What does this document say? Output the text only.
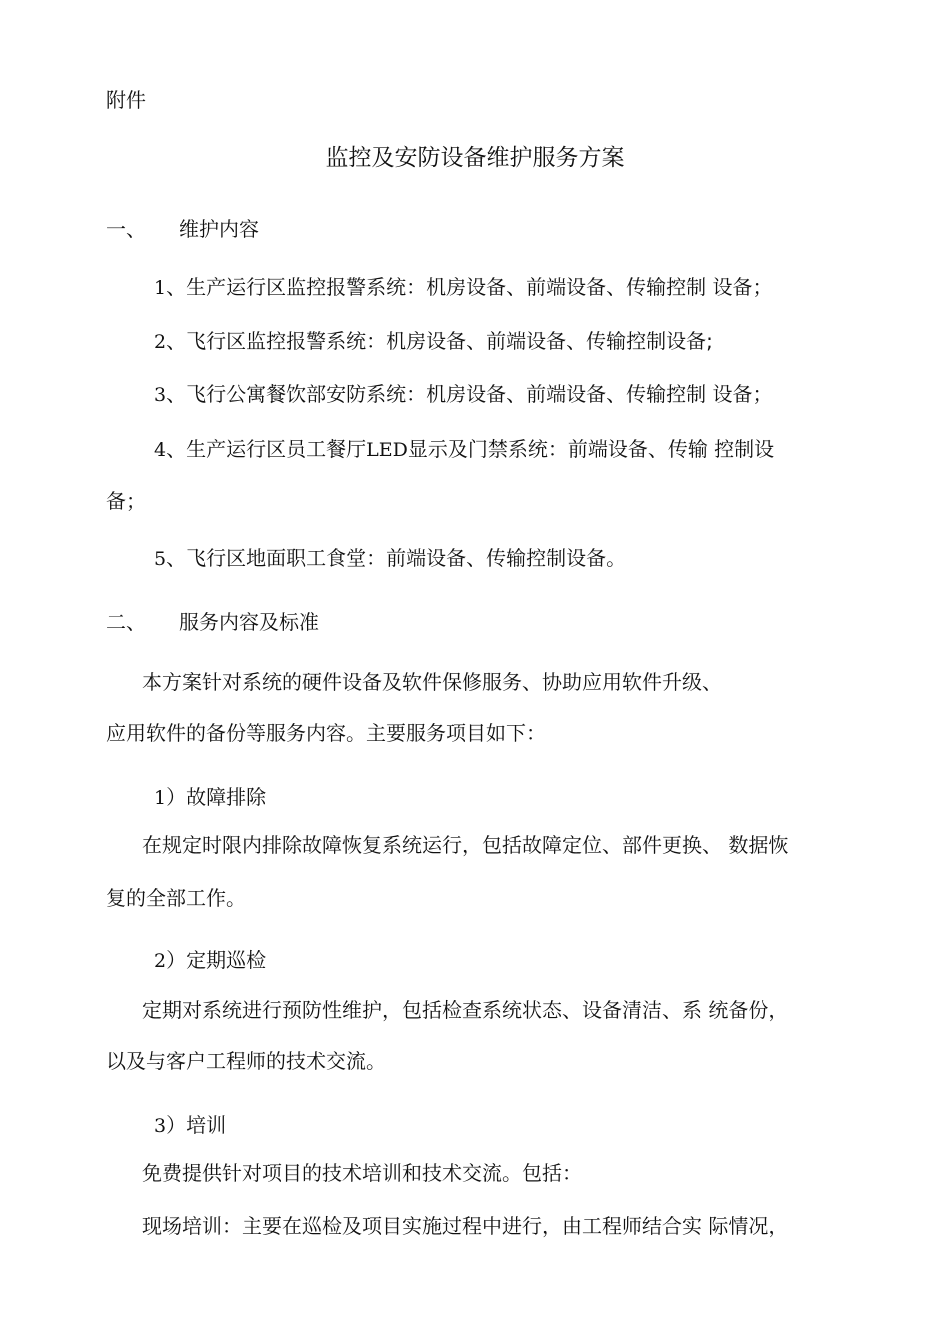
附件
监控及安防设备维护服务方案
一、 维护内容
1、生产运行区监控报警系统：机房设备、前端设备、传输控制 设备；
2、飞行区监控报警系统：机房设备、前端设备、传输控制设备;
3、飞行公寓餐饮部安防系统：机房设备、前端设备、传输控制 设备；
4、生产运行区员工餐厅LED显示及门禁系统：前端设备、传输 控制设
备；
5、飞行区地面职工食堂：前端设备、传输控制设备。
二、 服务内容及标准
本方案针对系统的硬件设备及软件保修服务、协助应用软件升级、
应用软件的备份等服务内容。主要服务项目如下：
1）故障排除
在规定时限内排除故障恢复系统运行，包括故障定位、部件更换、 数据恢
复的全部工作。
2）定期巡检
定期对系统进行预防性维护，包括检查系统状态、设备清洁、系 统备份，
以及与客户工程师的技术交流。
3）培训
免费提供针对项目的技术培训和技术交流。包括：
现场培训：主要在巡检及项目实施过程中进行，由工程师结合实 际情况，
